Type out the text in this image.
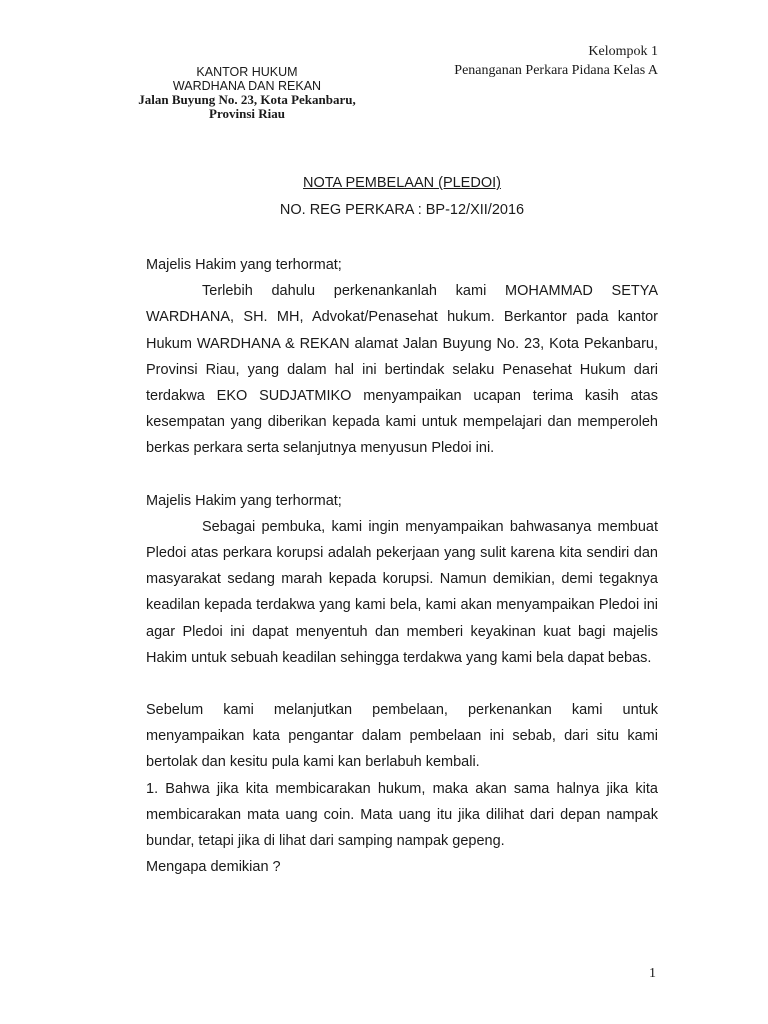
Kelompok 1
Penanganan Perkara Pidana Kelas A
KANTOR HUKUM
WARDHANA DAN REKAN
Jalan Buyung No. 23, Kota Pekanbaru,
Provinsi Riau
NOTA PEMBELAAN (PLEDOI)
NO. REG PERKARA : BP-12/XII/2016

Majelis Hakim yang terhormat;

Terlebih dahulu perkenankanlah kami MOHAMMAD SETYA WARDHANA, SH. MH, Advokat/Penasehat hukum. Berkantor pada kantor Hukum WARDHANA & REKAN alamat Jalan Buyung No. 23, Kota Pekanbaru, Provinsi Riau, yang dalam hal ini bertindak selaku Penasehat Hukum dari terdakwa EKO SUDJATMIKO menyampaikan ucapan terima kasih atas kesempatan yang diberikan kepada kami untuk mempelajari dan memperoleh berkas perkara serta selanjutnya menyusun Pledoi ini.

Majelis Hakim yang terhormat;

Sebagai pembuka, kami ingin menyampaikan bahwasanya membuat Pledoi atas perkara korupsi adalah pekerjaan yang sulit karena kita sendiri dan masyarakat sedang marah kepada korupsi. Namun demikian, demi tegaknya keadilan kepada terdakwa yang kami bela, kami akan menyampaikan Pledoi ini agar Pledoi ini dapat menyentuh dan memberi keyakinan kuat bagi majelis Hakim untuk sebuah keadilan sehingga terdakwa yang kami bela dapat bebas.

Sebelum kami melanjutkan pembelaan, perkenankan kami untuk menyampaikan kata pengantar dalam pembelaan ini sebab, dari situ kami bertolak dan kesitu pula kami kan berlabuh kembali.

1. Bahwa jika kita membicarakan hukum, maka akan sama halnya jika kita membicarakan mata uang coin. Mata uang itu jika dilihat dari depan nampak bundar, tetapi jika di lihat dari samping nampak gepeng.

Mengapa demikian ?

1
